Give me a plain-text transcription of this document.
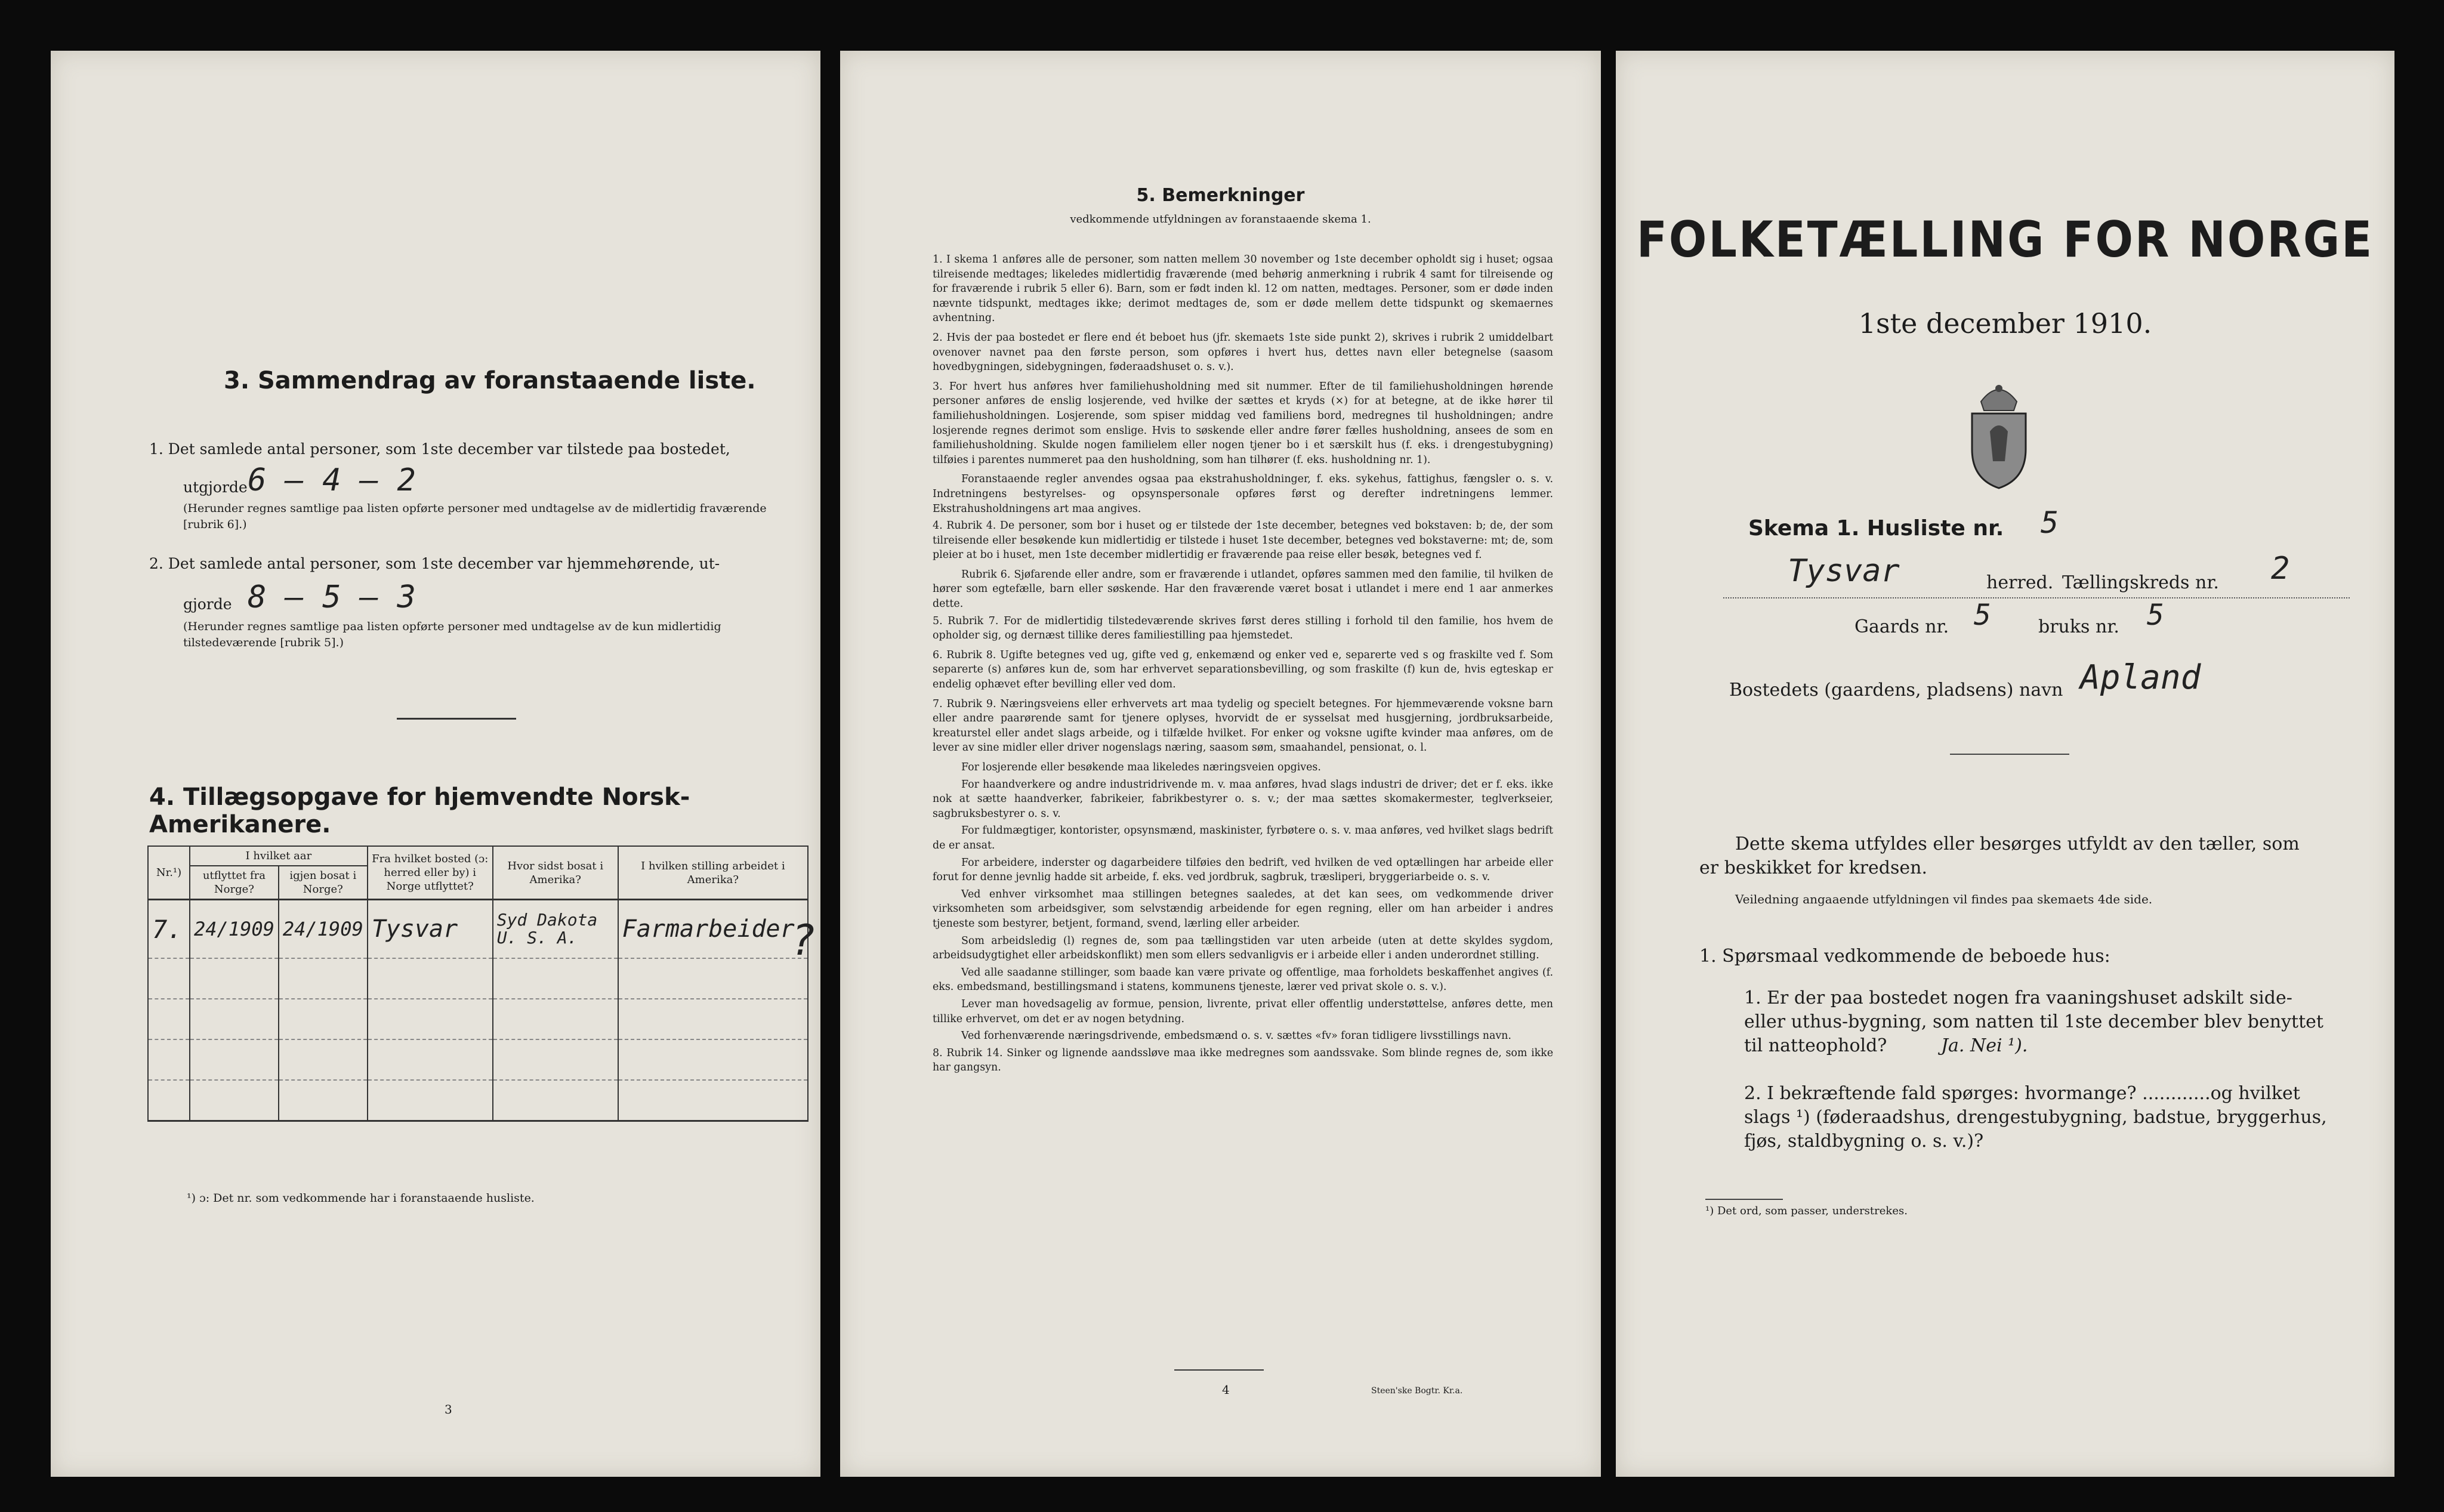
3. Sammendrag av foranstaaende liste.
1. Det samlede antal personer, som 1ste december var tilstede paa bostedet,
utgjorde 6 – 4 – 2
(Herunder regnes samtlige paa listen opførte personer med undtagelse av de midlertidig fraværende [rubrik 6].)
2. Det samlede antal personer, som 1ste december var hjemmehørende, ut-
gjorde 8 – 5 – 3
(Herunder regnes samtlige paa listen opførte personer med undtagelse av de kun midlertidig tilstedeværende [rubrik 5].)
4. Tillægsopgave for hjemvendte Norsk-Amerikanere.
Nr.¹)	I hvilket aar		Fra hvilket bosted (ɔ: herred eller by) i Norge utflyttet?	Hvor sidst bosat i Amerika?	I hvilken stilling arbeidet i Amerika?
	utflyttet fra Norge?	igjen bosat i Norge?			
7.	24/1909	24/1909	Tysvar	Syd Dakota U. S. A.	Farmarbeider

?
¹) ɔ: Det nr. som vedkommende har i foranstaaende husliste.
3
5. Bemerkninger
vedkommende utfyldningen av foranstaaende skema 1.

1. I skema 1 anføres alle de personer, som natten mellem 30 november og 1ste december opholdt sig i huset; ogsaa tilreisende medtages; likeledes midlertidig fraværende (med behørig anmerkning i rubrik 4 samt for tilreisende og for fraværende i rubrik 5 eller 6). Barn, som er født inden kl. 12 om natten, medtages. Personer, som er døde inden nævnte tidspunkt, medtages ikke; derimot medtages de, som er døde mellem dette tidspunkt og skemaernes avhentning.

2. Hvis der paa bostedet er flere end ét beboet hus (jfr. skemaets 1ste side punkt 2), skrives i rubrik 2 umiddelbart ovenover navnet paa den første person, som opføres i hvert hus, dettes navn eller betegnelse (saasom hovedbygningen, sidebygningen, føderaadshuset o. s. v.).

3. For hvert hus anføres hver familiehusholdning med sit nummer. Efter de til familiehusholdningen hørende personer anføres de enslig losjerende, ved hvilke der sættes et kryds (×) for at betegne, at de ikke hører til familiehusholdningen. Losjerende, som spiser middag ved familiens bord, medregnes til husholdningen; andre losjerende regnes derimot som enslige. Hvis to søskende eller andre fører fælles husholdning, ansees de som en familiehusholdning. Skulde nogen familielem eller nogen tjener bo i et særskilt hus (f. eks. i drengestubygning) tilføies i parentes nummeret paa den husholdning, som han tilhører (f. eks. husholdning nr. 1).

Foranstaaende regler anvendes ogsaa paa ekstrahusholdninger, f. eks. sykehus, fattighus, fængsler o. s. v. Indretningens bestyrelses- og opsynspersonale opføres først og derefter indretningens lemmer. Ekstrahusholdningens art maa angives.

4. Rubrik 4. De personer, som bor i huset og er tilstede der 1ste december, betegnes ved bokstaven: b; de, der som tilreisende eller besøkende kun midlertidig er tilstede i huset 1ste december, betegnes ved bokstaverne: mt; de, som pleier at bo i huset, men 1ste december midlertidig er fraværende paa reise eller besøk, betegnes ved f.

Rubrik 6. Sjøfarende eller andre, som er fraværende i utlandet, opføres sammen med den familie, til hvilken de hører som egtefælle, barn eller søskende. Har den fraværende været bosat i utlandet i mere end 1 aar anmerkes dette.

5. Rubrik 7. For de midlertidig tilstedeværende skrives først deres stilling i forhold til den familie, hos hvem de opholder sig, og dernæst tillike deres familiestilling paa hjemstedet.

6. Rubrik 8. Ugifte betegnes ved ug, gifte ved g, enkemænd og enker ved e, separerte ved s og fraskilte ved f. Som separerte (s) anføres kun de, som har erhvervet separationsbevilling, og som fraskilte (f) kun de, hvis egteskap er endelig ophævet efter bevilling eller ved dom.

7. Rubrik 9. Næringsveiens eller erhvervets art maa tydelig og specielt betegnes. For hjemmeværende voksne barn eller andre paarørende samt for tjenere oplyses, hvorvidt de er sysselsat med husgjerning, jordbruksarbeide, kreaturstel eller andet slags arbeide, og i tilfælde hvilket. For enker og voksne ugifte kvinder maa anføres, om de lever av sine midler eller driver nogenslags næring, saasom søm, smaahandel, pensionat, o. l.

For losjerende eller besøkende maa likeledes næringsveien opgives.

For haandverkere og andre industridrivende m. v. maa anføres, hvad slags industri de driver; det er f. eks. ikke nok at sætte haandverker, fabrikeier, fabrikbestyrer o. s. v.; der maa sættes skomakermester, teglverkseier, sagbruksbestyrer o. s. v.

For fuldmægtiger, kontorister, opsynsmænd, maskinister, fyrbøtere o. s. v. maa anføres, ved hvilket slags bedrift de er ansat.

For arbeidere, inderster og dagarbeidere tilføies den bedrift, ved hvilken de ved optællingen har arbeide eller forut for denne jevnlig hadde sit arbeide, f. eks. ved jordbruk, sagbruk, træsliperi, bryggeriarbeide o. s. v.

Ved enhver virksomhet maa stillingen betegnes saaledes, at det kan sees, om vedkommende driver virksomheten som arbeidsgiver, som selvstændig arbeidende for egen regning, eller om han arbeider i andres tjeneste som bestyrer, betjent, formand, svend, lærling eller arbeider.

Som arbeidsledig (l) regnes de, som paa tællingstiden var uten arbeide (uten at dette skyldes sygdom, arbeidsudygtighet eller arbeidskonflikt) men som ellers sedvanligvis er i arbeide eller i anden underordnet stilling.

Ved alle saadanne stillinger, som baade kan være private og offentlige, maa forholdets beskaffenhet angives (f. eks. embedsmand, bestillingsmand i statens, kommunens tjeneste, lærer ved privat skole o. s. v.).

Lever man hovedsagelig av formue, pension, livrente, privat eller offentlig understøttelse, anføres dette, men tillike erhvervet, om det er av nogen betydning.

Ved forhenværende næringsdrivende, embedsmænd o. s. v. sættes «fv» foran tidligere livsstillings navn.

8. Rubrik 14. Sinker og lignende aandssløve maa ikke medregnes som aandssvake. Som blinde regnes de, som ikke har gangsyn.

4	Steen'ske Bogtr. Kr.a.
FOLKETÆLLING FOR NORGE
1ste december 1910.
Skema 1. Husliste nr. 5
Tysvar	herred. Tællingskreds nr. 2
Gaards nr. 5	bruks nr. 5
Bostedets (gaardens, pladsens) navn Apland
Dette skema utfyldes eller besørges utfyldt av den tæller, som er beskikket for kredsen.
Veiledning angaaende utfyldningen vil findes paa skemaets 4de side.
1. Spørsmaal vedkommende de beboede hus:
1. Er der paa bostedet nogen fra vaaningshuset adskilt side- eller uthus-bygning, som natten til 1ste december blev benyttet til natteophold?	Ja. Nei ¹).
2. I bekræftende fald spørges: hvormange? ............og hvilket slags ¹) (føderaadshus, drengestubygning, badstue, bryggerhus, fjøs, staldbygning o. s. v.)?
¹) Det ord, som passer, understrekes.
